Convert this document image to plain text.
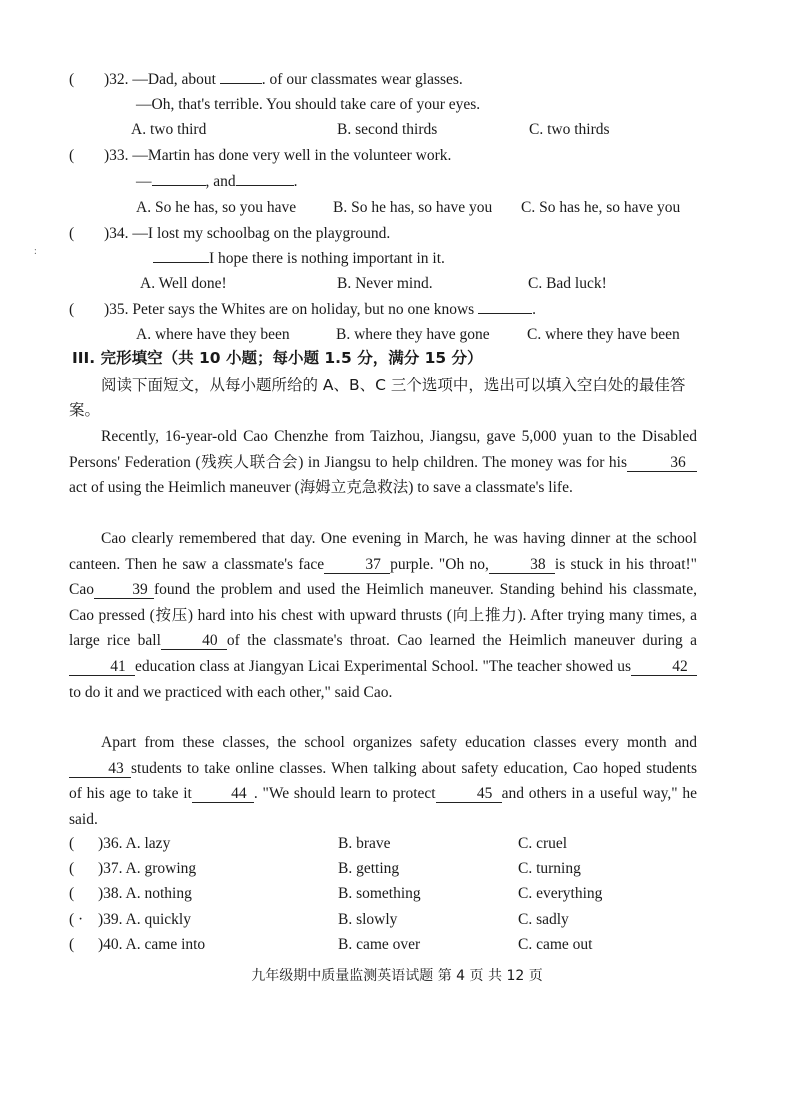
( )32. —Dad, about	. of our classmates wear glasses.
—Oh, that's terrible. You should take care of your eyes.
A. two third	B. second thirds	C. two thirds
( )33. —Martin has done very well in the volunteer work.
—	, and	.
A. So he has, so you have B. So he has, so have you C. So has he, so have you
:
( )34. —I lost my schoolbag on the playground.
I hope there is nothing important in it.
A. Well done!	B. Never mind.	C. Bad luck!
( )35. Peter says the Whites are on holiday, but no one knows	.
A. where have they been	B. where they have gone C. where they have been
III. 完形填空（共 10 小题；每小题 1.5 分，满分 15 分）
阅读下面短文，从每小题所给的 A、B、C 三个选项中，选出可以填入空白处的最佳答案。
Recently, 16-year-old Cao Chenzhe from Taizhou, Jiangsu, gave 5,000 yuan to the Disabled Persons' Federation (残疾人联合会) in Jiangsu to help children. The money was for his	36act of using the Heimlich maneuver (海姆立克急救法) to save a classmate's life.
Cao clearly remembered that day. One evening in March, he was having dinner at the school canteen. Then he saw a classmate's face	37 purple. "Oh no,	38 is stuck in his throat!" Cao 39 found the problem and used the Heimlich maneuver. Standing behind his classmate, Cao pressed (按压) hard into his chest with upward thrusts (向上推力). After trying many times, a large rice ball	40 of the classmate's throat. Cao learned the Heimlich maneuver during a41 education class at Jiangyan Licai Experimental School. "The teacher showed us	42to do it and we practiced with each other," said Cao.
Apart from these classes, the school organizes safety education classes every month and43 students to take online classes. When talking about safety education, Cao hoped students of his age to take it	44 . "We should learn to protect	45 and others in a useful way," he said.
( )36. A. lazy	B. brave	C. cruel
( )37. A. growing	B. getting	C. turning
( )38. A. nothing	B. something	C. everything
( · )39. A. quickly	B. slowly	C. sadly
( )40. A. came into	B. came over	C. came out
九年级期中质量监测英语试题 第 4 页 共 12 页
